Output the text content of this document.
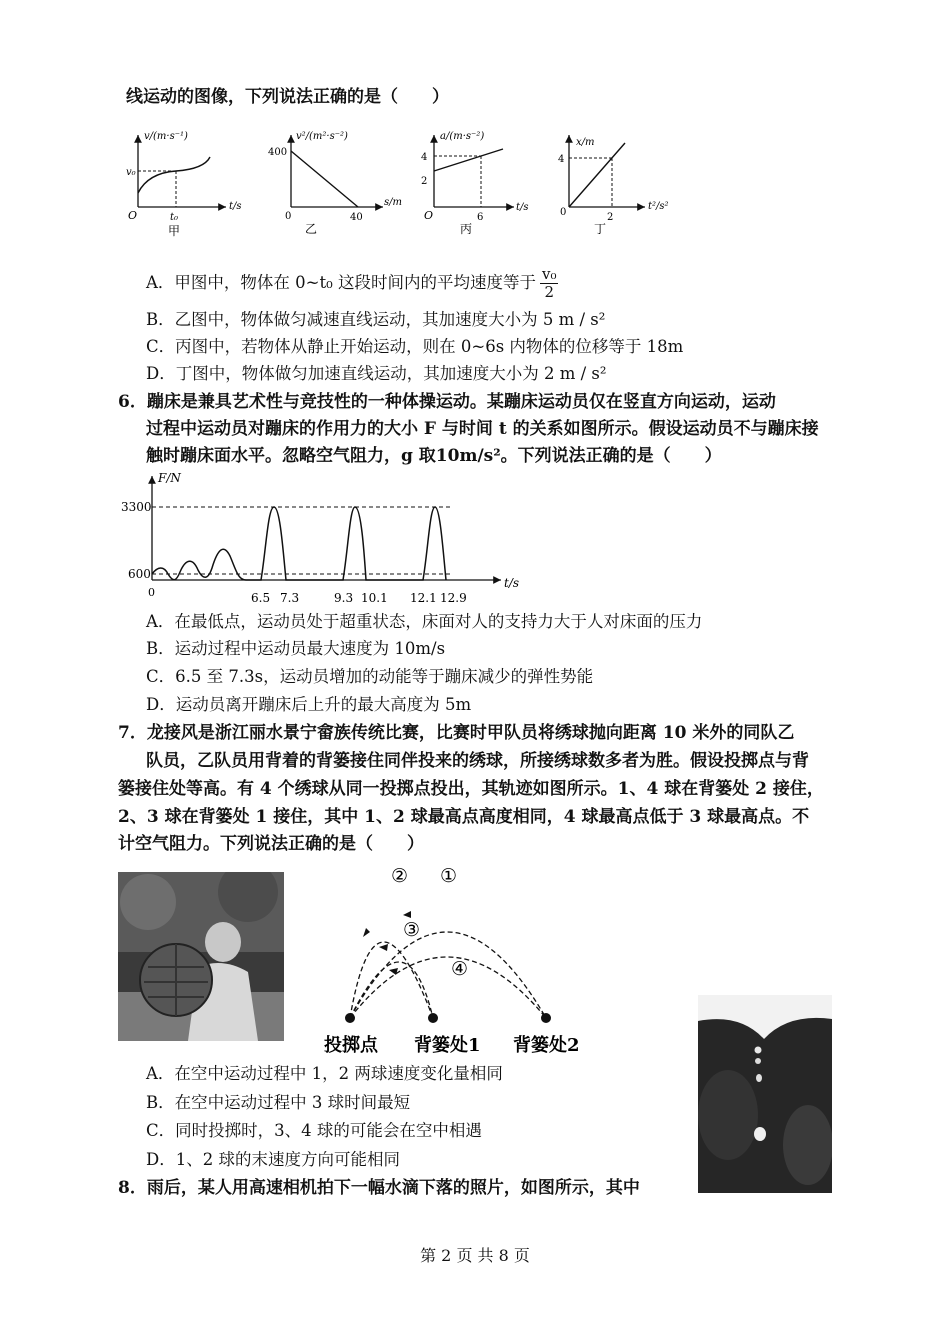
线运动的图像，下列说法正确的是（　　）
v/(m·s⁻¹)
v₀
t/s
t₀
O
甲
v²/(m²·s⁻²)
400
s/m
40
0
乙
a/(m·s⁻²)
4
2
t/s
6
O
丙
x/m
4
t²/s²
2
0
丁
A．甲图中，物体在 0~t₀ 这段时间内的平均速度等于 $\frac{\text{v₀}}{2}$
B．乙图中，物体做匀减速直线运动，其加速度大小为 5 m / s²
C．丙图中，若物体从静止开始运动，则在 0~6s 内物体的位移等于 18m
D．丁图中，物体做匀加速直线运动，其加速度大小为 2 m / s²
6．蹦床是兼具艺术性与竞技性的一种体操运动。某蹦床运动员仅在竖直方向运动，运动
过程中运动员对蹦床的作用力的大小 F 与时间 t 的关系如图所示。假设运动员不与蹦床接
触时蹦床面水平。忽略空气阻力，g 取10m/s²。下列说法正确的是（　　）
F/N
t/s
3300
600
0	6.5 7.3	9.3 10.1 12.1 12.9
A．在最低点，运动员处于超重状态，床面对人的支持力大于人对床面的压力
B．运动过程中运动员最大速度为 10m/s
C．6.5 至 7.3s，运动员增加的动能等于蹦床减少的弹性势能
D．运动员离开蹦床后上升的最大高度为 5m
7．龙接风是浙江丽水景宁畲族传统比赛，比赛时甲队员将绣球抛向距离 10 米外的同队乙
队员，乙队员用背着的背篓接住同伴投来的绣球，所接绣球数多者为胜。假设投掷点与背
篓接住处等高。有 4 个绣球从同一投掷点投出，其轨迹如图所示。1、4 球在背篓处 2 接住，
2、3 球在背篓处 1 接住，其中 1、2 球最高点高度相同，4 球最高点低于 3 球最高点。不
计空气阻力。下列说法正确的是（　　）
② ①
③
④
投掷点 背篓处1 背篓处2
A．在空中运动过程中 1，2 两球速度变化量相同
B．在空中运动过程中 3 球时间最短
C．同时投掷时，3、4 球的可能会在空中相遇
D．1、2 球的末速度方向可能相同
8．雨后，某人用高速相机拍下一幅水滴下落的照片，如图所示，其中
第 2 页 共 8 页
